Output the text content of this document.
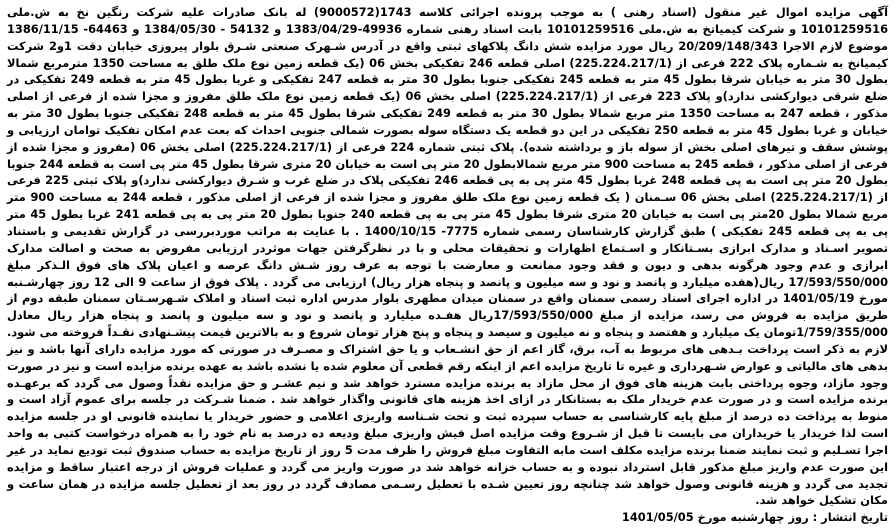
آگهی مزایده اموال غیر منقول (اسناد رهنی ) به موجب پرونده اجرائی کلاسه 1743(9000572) له بانک صادرات علیه شرکت رنگین نخ به ش.ملی 10101259516 و شرکت کیمیاتخ به ش.ملی 10101259516 بابت اسناد رهنی شماره 49936-1383/04/29 و 54132 - 1384/05/30 و 64463- 1386/11/15 موضوع لازم الاجرا 20/209/148/343 ریال مورد مزایده شش دانگ پلاکهای ثبتی واقع در آدرس شـهرک صنعتی شـرق بلوار پیروزی خیابان دقت 1و2 شرکت کیمیانخ به شـماره پلاک 222 فرعی از (225.224.217/1) اصلی قطعه 246 تفکیکی بخش 06 (یک قطعه زمین نوع ملک طلق به مساحت 1350 مترمربع شمالا بطول 30 متر به خیابان شرقا بطول 45 متر به قطعه 245 تفکیکی جنوبا بطول 30 متر به قطعه 247 تفکیکی و غربا بطول 45 متر به قطعه 249 تفکیکی در ضلع شرقی دیوارکشی ندارد)و پلاک 223 فرعی از (225.224.217/1) اصلی بخش 06 (یک قطعه زمین نوع ملک طلق مفروز و مجزا شده از فرعی از اصلی مذکور ، قطعه 247 به مساحت 1350 متر مربع شمالا بطول 30 متر به قطعه 249 تفکیکی شرقا بطول 45 متر به قطعه 248 تفکیکی جنوبا بطول 30 متر به خیابان و غربا بطول 45 متر به قطعه 250 تفکیکی در این دو قطعه یک دستگاه سوله بصورت شمالی جنوبی احداث که بعت عدم امکان تفکیک توامان ارزیابی و پوشش سقف و تیرهای اصلی بخش از سوله باز و برداشته شده). پلاک ثبتی شماره 224 فرعی از (225.224.217/1) اصلی بخش 06 (مفروز و مجزا شده از فرعی از اصلی مذکور ، قطعه 245 به مساحت 900 متر مربع شمالابطول 20 متر پی است به خیابان 20 متری شرقا بطول 45 متر پی است به قطعه 244 جنوبا بطول 20 متر پی است به پی قطعه 248 غربا بطول 45 متر پی به پی قطعه 246 تفکیکی پلاک در ضلع غرب و شـرق دیوارکشی ندارد)و پلاک ثبتی 225 فرعی از (225.224.217/1) اصلی بخش 06 سـمنان ( یک قطعه زمین نوع ملک طلق مفروز و مجزا شده از فرعی از اصلی مذکور ، قطعه 244 به مساحت 900 متر مربع شمالا بطول 20متر پی است به خیابان 20 متری شرقا بطول 45 متر پی به پی قطعه 240 جنوبا بطول 20 متر پی به پی قطعه 241 غربا بطول 45 متر پی به پی قطعه 245 تفکیکی ) طبق گزارش کارشناسان رسمی شماره 7775- 1400/10/15 . با عنایت به مراتب موردبررسی در گزارش تقدیمی و باستناد تصویر اسـناد و مدارک ابرازی بسـتانکار و اسـتماع اظهارات و تحقیقات محلی و با در نظرگرفتن جهات موثردر ارزیابی مفروض به صحت و اصالت مدارک ابرازی و عدم وجود هرگونه بدهی و دیون و فقد وجود ممانعت و معارضت با توجه به عرف روز شـش دانگ عرصه و اعیان پلاک های فوق الـذکر مبلغ 17/593/550/000 ریال(هفده میلیارد و پانصد و نود و سه میلیون و پانصد و پنجاه هزار ریال) ارزیابی می گردد . پلاک فوق از ساعت 9 الی 12 روز چهارشـنبه مورخ 1401/05/19 در اداره اجرای اسناد رسمی سمنان واقع در سمنان میدان مطهری بلوار مدرس اداره ثبت اسناد و املاک شـهرسـتان سمنان طبقه دوم از طریق مزایده به فروش می رسد، مزایده از مبلغ 17/593/550/000ریال هفـده میلیارد و پانصد و نود و سه میلیون و پانصد و پنجاه هزار ریال معادل 1/759/355/000تومان یک میلیارد و هفتصد و پنجاه و نه میلیون و سیصد و پنجاه و پنج هزار تومان شروع و به بالاترین قیمت پیشـنهادی نقـداً فروخته می شود. لازم به ذکر است پرداخت بـدهی های مربوط به آب، برق، گاز اعم از حق انشـعاب و یا حق اشتراک و مصـرف در صورتی که مورد مزایده دارای آنها باشد و نیز بدهی های مالیاتی و عوارض شـهرداری و غیره تا تاریخ مزایده اعم از اینکه رقم قطعی آن معلوم شده یا نشده باشد به عهده برنده مزایده است و نیز در صورت وجود مازاد، وجوه پرداختی بابت هزینه های فوق از محل مازاد به برنده مزایده مسترد خواهد شد و نیم عشـر و حق مزایده نقداً وصول می گردد که برعهـده برنده مزایده است و در صورت عدم خریدار ملک به بستانکار در ازای اخذ هزینه های قانونی واگذار خواهد شد . ضمنا شـرکت در جلسه برای عموم آزاد است و منوط به پرداخت ده درصد از مبلغ پایه کارشناسی به حساب سپرده ثبت و تحت شـناسه واریزی اعلامی و حضور خریدار یا نماینده قانونی او در جلسه مزایده است لذا خریدار یا خریداران می بایست تا قبل از شـروع وقت مزایده اصل فیش واریزی مبلغ ودیعه ده درصد به نام خود را به همراه درخواست کتبی به واحد اجرا تسـلیم و ثبت نمایند ضمنا برنده مزایده مکلف است مابه التفاوت مبلغ فروش را ظرف مدت 5 روز از تاریخ مزایده به حساب صندوق ثبت تودیع نماید در غیر این صورت عدم واریز مبلغ مذکور قابل استرداد نبوده و به حساب خزانه خواهد شد در صورت واریز می گردد و عملیات فروش از درجه اعتبار ساقط و مزایده تجدید می گردد و هزینه قانونی وصول خواهد شد چنانچه روز تعیین شـده با تعطیل رسـمی مصادف گردد در روز بعد از تعطیل جلسه مزایده در همان ساعت و مکان تشکیل خواهد شد.

تاریخ انتشار : روز چهارشنبه مورخ 1401/05/05
